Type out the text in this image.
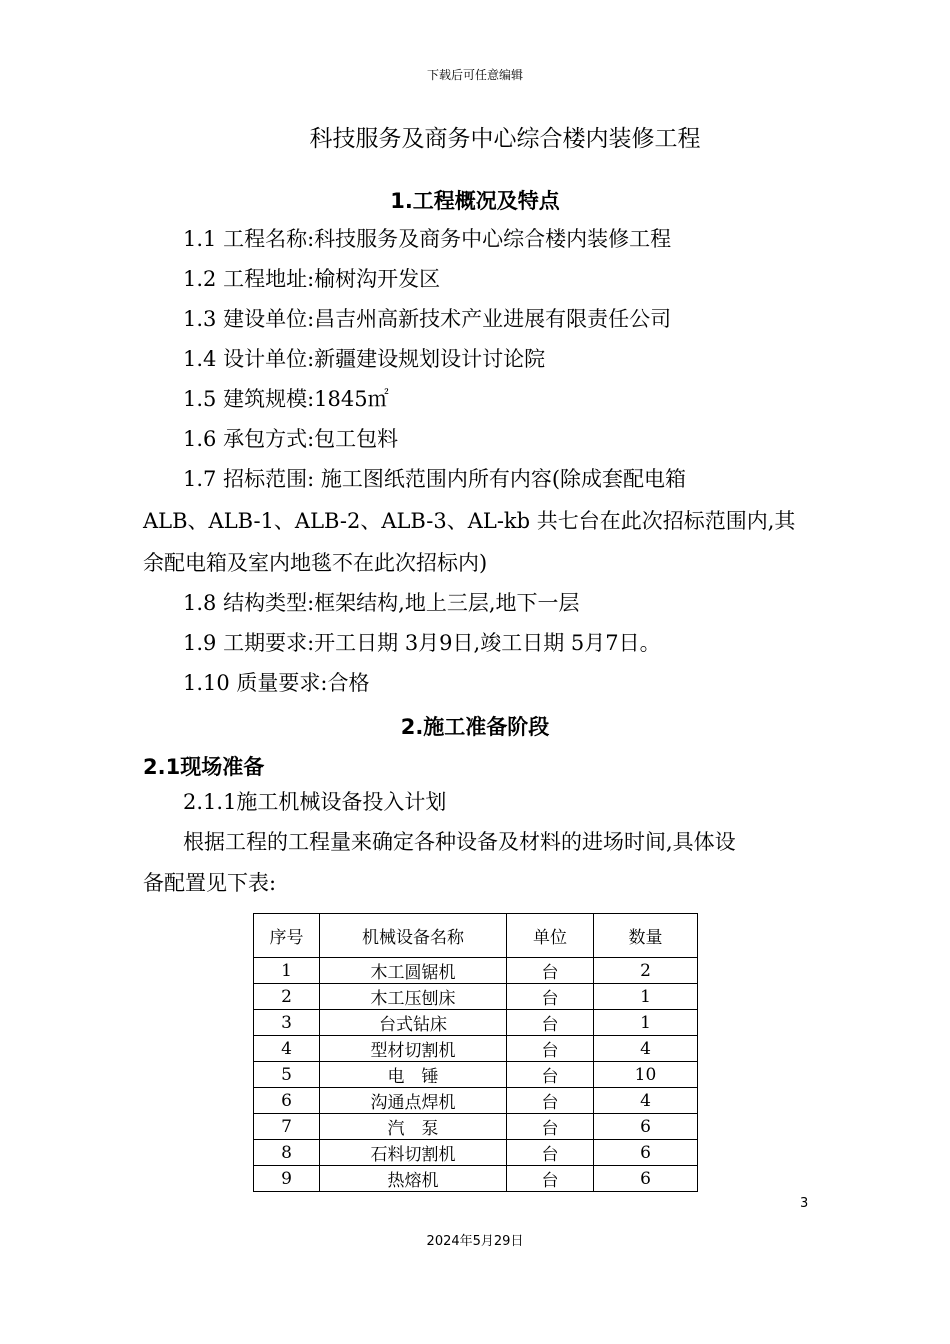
下载后可任意编辑
科技服务及商务中心综合楼内装修工程
1.工程概况及特点
1.1 工程名称:科技服务及商务中心综合楼内装修工程
1.2 工程地址:榆树沟开发区
1.3 建设单位:昌吉州高新技术产业进展有限责任公司
1.4 设计单位:新疆建设规划设计讨论院
1.5 建筑规模:1845㎡
1.6 承包方式:包工包料
1.7 招标范围: 施工图纸范围内所有内容(除成套配电箱
ALB、ALB-1、ALB-2、ALB-3、AL-kb 共七台在此次招标范围内,其
余配电箱及室内地毯不在此次招标内)
1.8 结构类型:框架结构,地上三层,地下一层
1.9 工期要求:开工日期 3月9日,竣工日期 5月7日。
1.10 质量要求:合格
2.施工准备阶段
2.1现场准备
2.1.1施工机械设备投入计划
根据工程的工程量来确定各种设备及材料的进场时间,具体设
备配置见下表:
序号	机械设备名称	单位	数量
1	木工圆锯机	台	2
2	木工压刨床	台	1
3	台式钻床	台	1
4	型材切割机	台	4
5	电　锤	台	10
6	沟通点焊机	台	4
7	汽　泵	台	6
8	石料切割机	台	6
9	热熔机	台	6
3
2024年5月29日
